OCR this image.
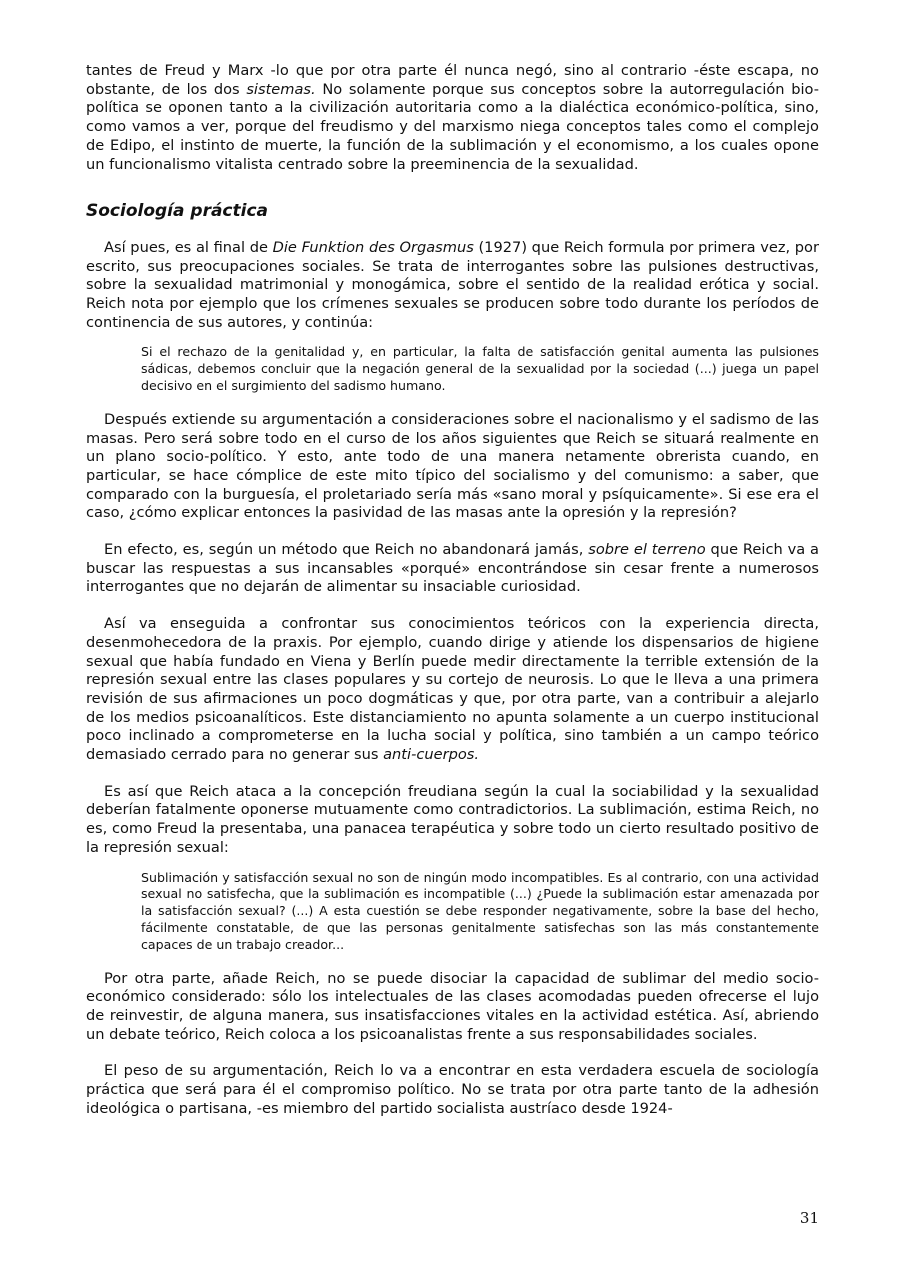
tantes de Freud y Marx -lo que por otra parte él nunca negó, sino al contrario -éste escapa, no obstante, de los dos sistemas. No solamente porque sus conceptos sobre la autorregulación bio-política se oponen tanto a la civilización autoritaria como a la dialéctica económico-política, sino, como vamos a ver, porque del freudismo y del marxismo niega conceptos tales como el complejo de Edipo, el instinto de muerte, la función de la sublimación y el economismo, a los cuales opone un funcionalismo vitalista centrado sobre la preeminencia de la sexualidad.

Sociología práctica

Así pues, es al final de Die Funktion des Orgasmus (1927) que Reich formula por primera vez, por escrito, sus preocupaciones sociales. Se trata de interrogantes sobre las pulsiones destructivas, sobre la sexualidad matrimonial y monogámica, sobre el sentido de la realidad erótica y social. Reich nota por ejemplo que los crímenes sexuales se producen sobre todo durante los períodos de continencia de sus autores, y continúa:

Si el rechazo de la genitalidad y, en particular, la falta de satisfacción genital aumenta las pulsiones sádicas, debemos concluir que la negación general de la sexualidad por la sociedad (...) juega un papel decisivo en el surgimiento del sadismo humano.

Después extiende su argumentación a consideraciones sobre el nacionalismo y el sadismo de las masas. Pero será sobre todo en el curso de los años siguientes que Reich se situará realmente en un plano socio-político. Y esto, ante todo de una manera netamente obrerista cuando, en particular, se hace cómplice de este mito típico del socialismo y del comunismo: a saber, que comparado con la burguesía, el proletariado sería más «sano moral y psíquicamente». Si ese era el caso, ¿cómo explicar entonces la pasividad de las masas ante la opresión y la represión?

En efecto, es, según un método que Reich no abandonará jamás, sobre el terreno que Reich va a buscar las respuestas a sus incansables «porqué» encontrándose sin cesar frente a numerosos interrogantes que no dejarán de alimentar su insaciable curiosidad.

Así va enseguida a confrontar sus conocimientos teóricos con la experiencia directa, desenmohecedora de la praxis. Por ejemplo, cuando dirige y atiende los dispensarios de higiene sexual que había fundado en Viena y Berlín puede medir directamente la terrible extensión de la represión sexual entre las clases populares y su cortejo de neurosis. Lo que le lleva a una primera revisión de sus afirmaciones un poco dogmáticas y que, por otra parte, van a contribuir a alejarlo de los medios psicoanalíticos. Este distanciamiento no apunta solamente a un cuerpo institucional poco inclinado a comprometerse en la lucha social y política, sino también a un campo teórico demasiado cerrado para no generar sus anti-cuerpos.

Es así que Reich ataca a la concepción freudiana según la cual la sociabilidad y la sexualidad deberían fatalmente oponerse mutuamente como contradictorios. La sublimación, estima Reich, no es, como Freud la presentaba, una panacea terapéutica y sobre todo un cierto resultado positivo de la represión sexual:

Sublimación y satisfacción sexual no son de ningún modo incompatibles. Es al contrario, con una actividad sexual no satisfecha, que la sublimación es incompatible (...) ¿Puede la sublimación estar amenazada por la satisfacción sexual? (...) A esta cuestión se debe responder negativamente, sobre la base del hecho, fácilmente constatable, de que las personas genitalmente satisfechas son las más constantemente capaces de un trabajo creador...

Por otra parte, añade Reich, no se puede disociar la capacidad de sublimar del medio socio-económico considerado: sólo los intelectuales de las clases acomodadas pueden ofrecerse el lujo de reinvestir, de alguna manera, sus insatisfacciones vitales en la actividad estética. Así, abriendo un debate teórico, Reich coloca a los psicoanalistas frente a sus responsabilidades sociales.

El peso de su argumentación, Reich lo va a encontrar en esta verdadera escuela de sociología práctica que será para él el compromiso político. No se trata por otra parte tanto de la adhesión ideológica o partisana, -es miembro del partido socialista austríaco desde 1924-

31
